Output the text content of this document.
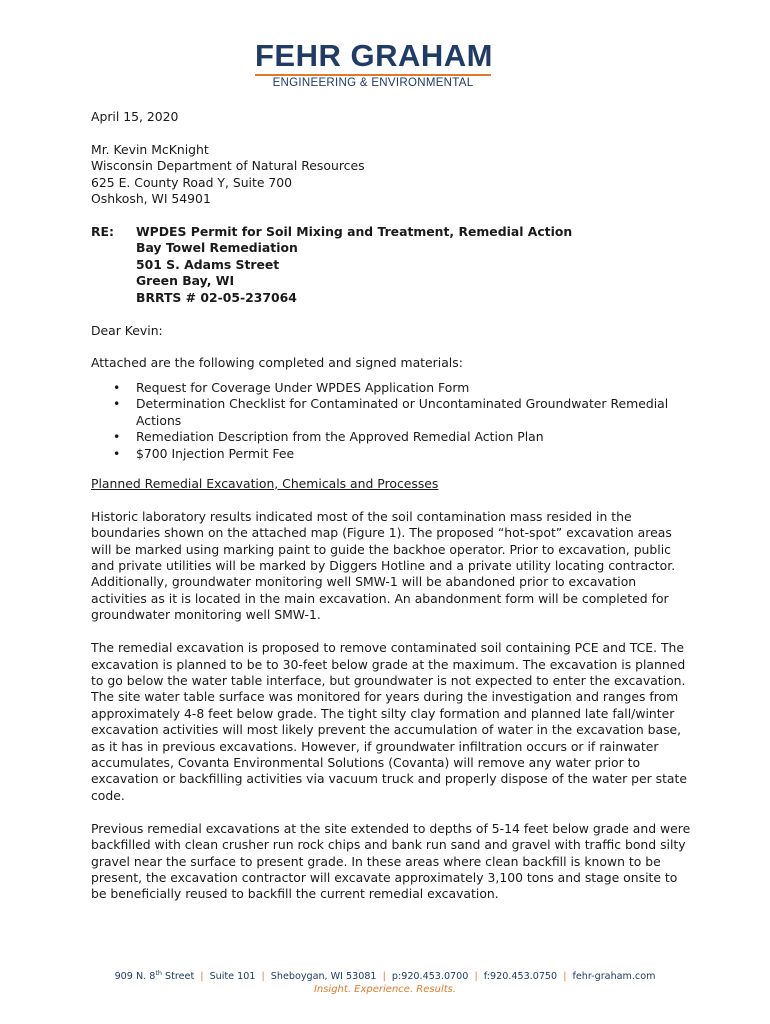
FEHR GRAHAM
ENGINEERING & ENVIRONMENTAL

April 15, 2020

Mr. Kevin McKnight

Wisconsin Department of Natural Resources

625 E. County Road Y, Suite 700

Oshkosh, WI 54901

RE:	WPDES Permit for Soil Mixing and Treatment, Remedial Action

Bay Towel Remediation

501 S. Adams Street

Green Bay, WI

BRRTS # 02-05-237064

Dear Kevin:

Attached are the following completed and signed materials:

• Request for Coverage Under WPDES Application Form
• Determination Checklist for Contaminated or Uncontaminated Groundwater Remedial Actions
• Remediation Description from the Approved Remedial Action Plan
• $700 Injection Permit Fee

Planned Remedial Excavation, Chemicals and Processes

Historic laboratory results indicated most of the soil contamination mass resided in the boundaries shown on the attached map (Figure 1). The proposed “hot-spot” excavation areas will be marked using marking paint to guide the backhoe operator. Prior to excavation, public and private utilities will be marked by Diggers Hotline and a private utility locating contractor. Additionally, groundwater monitoring well SMW-1 will be abandoned prior to excavation activities as it is located in the main excavation. An abandonment form will be completed for groundwater monitoring well SMW-1.

The remedial excavation is proposed to remove contaminated soil containing PCE and TCE. The excavation is planned to be to 30-feet below grade at the maximum. The excavation is planned to go below the water table interface, but groundwater is not expected to enter the excavation. The site water table surface was monitored for years during the investigation and ranges from approximately 4-8 feet below grade. The tight silty clay formation and planned late fall/winter excavation activities will most likely prevent the accumulation of water in the excavation base, as it has in previous excavations. However, if groundwater infiltration occurs or if rainwater accumulates, Covanta Environmental Solutions (Covanta) will remove any water prior to excavation or backfilling activities via vacuum truck and properly dispose of the water per state code.

Previous remedial excavations at the site extended to depths of 5-14 feet below grade and were backfilled with clean crusher run rock chips and bank run sand and gravel with traffic bond silty gravel near the surface to present grade. In these areas where clean backfill is known to be present, the excavation contractor will excavate approximately 3,100 tons and stage onsite to be beneficially reused to backfill the current remedial excavation.

909 N. 8th Street | Suite 101 | Sheboygan, WI 53081 | p:920.453.0700 | f:920.453.0750 | fehr-graham.com
Insight. Experience. Results.
